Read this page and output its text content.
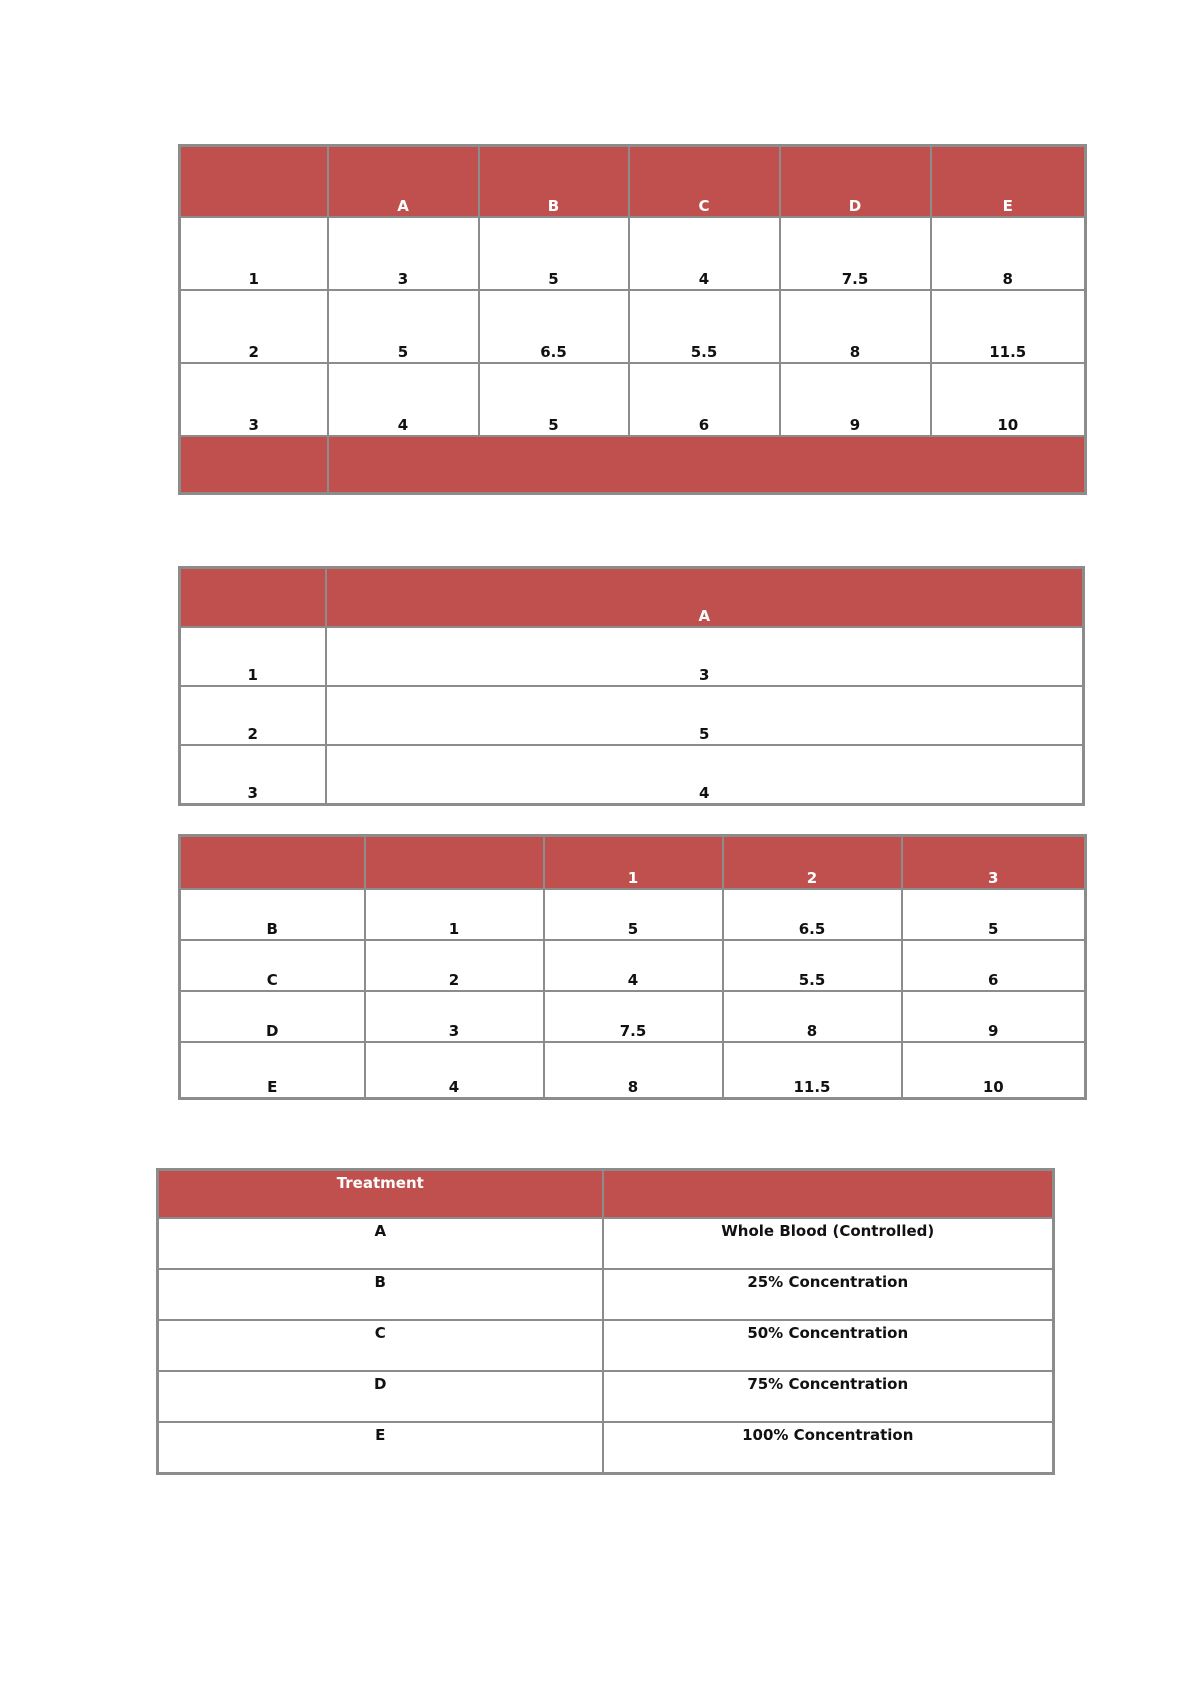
	A	B	C	D	E
1	3	5	4	7.5	8
2	5	6.5	5.5	8	11.5
3	4	5	6	9	10

	A
1	3
2	5
3	4
		1	2	3
B	1	5	6.5	5
C	2	4	5.5	6
D	3	7.5	8	9
E	4	8	11.5	10
Treatment	
A	Whole Blood (Controlled)
B	25% Concentration
C	50% Concentration
D	75% Concentration
E	100% Concentration
